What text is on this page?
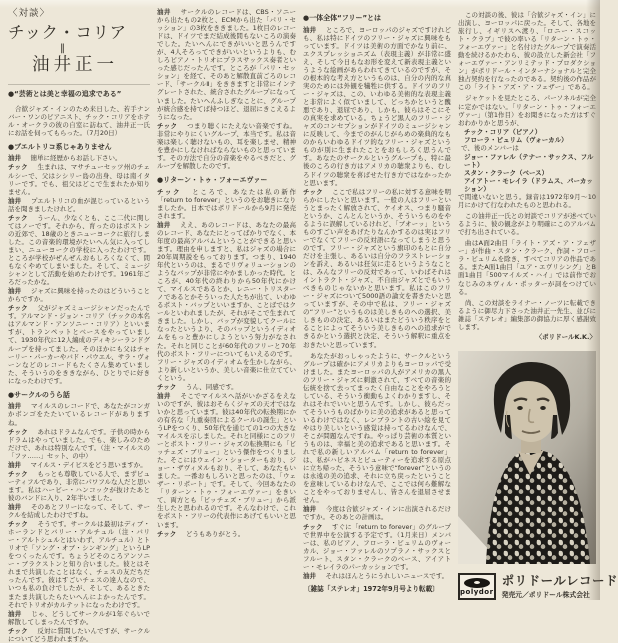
〈対談〉
チック・コリア
‖
油井正一
●“芸術とは美と幸福の追求である”

合歓ジャズ・インのため来日した、若手ナンバー・ワンのピアニスト、チック・コリアをホテル・オークラの彼の自室に訪ねて、油井正一氏にお話を伺ってもらった。（7月20日）

●プエルトリコ系じゃありません

油井　簡単に経歴からお話し下さい。

チック　生まれは、マサチューセッツ州のチェルシーで、父はシシリー島の出身、母は南イタリーです。でも、祖父はどこで生まれたか知りません。

油井　プエルトリコの血が混じっているという話を聞きましたけれど。

チック　うーん、少なくとも、ここ二代に関してはノーです。それから、育ったのはボストンの近郊で、18歳のときニューヨークに旅行しました。この音楽的環境がたいへん気に入ってしまい、ニューヨークの学校に入ったわけです。ところが学校がぜんぜんおもしろくなくて、間もなくやめてしまいました。そして、ミュージシャンとして活動を始めたわけです。1961年ごろだったかな。

油井　ジャズに興味を持ったのはどういうことからですか。

チック　父がジャズミュージシャンだったんです。アルマンド・ジョン・コリア（チックの本名はアルマンド・アンソニー・コリア）といいますが、トランペットとベースをやっていまして、1930年代に12人編成のディキシーランドグループを持ってました。そのほかにも父はチャーリー・パーカーやバド・パウエル、サラ・ヴォーンなどのレコードもたくさん集めていました、そういうのをききながら、ひとりでに好きになったわけです。

●サークルのうら話

油井　マイルスのレコードで、あなたがコンガかボンゴをたたいているレコードがありますね。

チック　あれはドラムなんです。子供の時からドラムはやっていました。でも、楽しみのためだけで、あれは特別なんです。（注・マイルスの「ファ……」セット、の中）

油井　マイルス・デイビスをどう思いますか。

チック　もっとも尊敬している人で、まずビューティフルであり、非常にパワフルな人だと思います。私はハービー・ハンコックが抜けたあと彼のバンドに入り、2年半いました。

油井　そのあとフリーになって、そして、サークルを結成したわけですね。

チック　そうです。サークルは最初はディブ・ホーランドとバリー・アルチュル（注・バリー・アルトシュルとはいわず、アルチュル）とトリオで「ソング・オブ・シンギング」というLPをつくったんです。ちょうどそのころアンソニー・ブラクストンと知り合いました。彼とはそれまで共演したことはなく、チェスの友だちだったんです。彼はすごいチェスの達人なので、いつも私の負けでしたが、そして、あるときたまたま共演したらたいへんによかったんです。それでトリオがカルテットになったわけです。

油井　じゃ、どうしてサークルが1年ぐらいで解散してしまったんですか。

チック　反対に質問したいんですが、サークルについてどう思われますか。

油井　サークルのレコードは、CBS・ソニーから出たもの2枚と、ECMから出た「パリ・セッション」の3枚をききました。1枚目のレコードは、ドイツでまだ結成後間もないころの演奏でした。たいへんにできがいいと思うんですが、4人そろってできがいいというよりも、むしろピアノ・トリオにプラスサックス奏者といった感じだったんです。ところが「パリ・セッション」を経て、そのあと解散直前ごろのレコード、「サークルⅡ」をききますと非常にインテグレートされた、統合されたグループになっていました。たいへんふしぎなことに、グループが統合感を持てば持つほど、退屈にきこえるようになった。

チック　つまり聴くにたえない音楽ですね。非常にやりにくいグループ、本当です。私は音楽は楽しく聴けないもの、耳を楽しませ、精神を豊かにしなければならないものと思っています。その方法で自分の音楽をやるべきだと、グループを解散したのです。

●リターン・トゥ・フォーエヴァー

チック　ところで、あなたは私の新作「return to forever」というのをお聴きになりましたか。日本ではポリドールから9月に発売されます。

油井　ええ、あのレコードは、あなたの最高のレコード、あなたにとってばかりでなく、本年度の最高アルバムということができると思います。理由を申しますと、私はジャズの場合に20年周期説をもっております。つまり、1940年代というのは、まるでリヴォリューションのようなバップが非常にやかましかった時代。ところが、40年代の終わりから50年代にかけて、マイルスであるとか、レニー・トリスターノであるとかそういった人たちが出て、いわゆるポスト・バップといいますか、ことばではクールといわれましたが、それがそこで生まれてきました。しかし、バップが変貌してクールになったというより、そのバップというイディオムをもっと豊かにしようという努力がなされた。それと同じことが60年代のフリーと70年代のポスト・フリーについてもいえるのです。フリー・ジャズのイディオムを生かしながら、より新しいというか、美しい音楽に仕立てていくという。

チック　うん、同感です。

油井　そこでマイルスへ話がいかざるをえないのですが、彼はおそらくジャズの天才ではないかと思っています。彼は40年代の転換期にかの有名な「九重奏団によるクールの誕生」というLPをつくり、50年代を通じての1つの大きなマイルスを示しました。それと同様にこのフリーとポスト・フリー・ジャズの転換期にも「ビッチェズ・ブリュー」という傑作をつくりました。そこにはウェイン・ショーターもおり、ジョー・ザヴィヌルもおり、そして、あなたもいました。一番おもしろいと思ったのは、「ウェザー・リポート」です。そして、今回あなたの「リターン・トゥ・フォーエヴァー」をきいて、両方とも「ビッチェズ・ブリュー」から派生したと思われるのです。そんなわけで、これをポスト・フリーの代表作にあげてもいいと思います。

チック　どうもありがとう。

●一体全体“フリー”とは

油井　ところで、ヨーロッパのジャズですけれども、私は特にドイツのフリー・ジャズに興味をもっています。ドイツは美術の方面でかなり前に、エクスプレッショニズム（表現主義）が非常に盛え、そして今日もなお形を変えて新表現主義というような絵画があらわれてきているのですが、その根本的な考え方というものは、自分の内的な真実のためには外観を犠牲に供する。ドイツのフリー・ジャズは、この、いわゆる美術的な表現主義と非常によく似ていまして、どっちかというと醜悪であり、退屈であり、しかも、彼らはそこにその真実を求めている。ちょうど黒人のフリー・ジャズのコンセプションがドイツのミュージシャンに反映して、今までのがんじがらめの楽典的なものからいわゆるドイツ的なフリー・ジャズというものが別に生まれたことをおもしろく思うんです。あなたのサークルというグループも、特に最後のころの行き方はアメリカの聴衆よりも、むしろドイツの聴衆を喜ばせた行き方ではなかったかと思います。

チック　ここで私はフリーの私に対する意味を明らかにしたいと思います。一般の人はフリーというとまったく解放されて、ケイオス、つまり騒音というか、こんとんというか、そういうものをやるように誤解しているけれど、「ブオーッ」というものすごい声をあげたりなんかするのは実はフリーでなくてフリーの反対語になってしまうと思うのです。フリー・ジャズという旗印のもとに自分だけを主張し、あるいは自分のフラストレーションを訴え、あるいは狂気に走るというようなことは、みんなフリーの反対であって、いわばそれはイントラクト・ジャズ、不自由ジャズとでもいうべきものじゃないかと思います。私はこのフリー・ジャズについて5000語の論文を書きたいと思っていますが、その中で私は、フリー・ジャズの“フリー”というものは美しきものへの選択、美しきものの決定、あるいはまたどういう秩序をとることによってそういう美しきものへの追求ができるかという選択と決定、そういう解釈に重点をおきたいと思っています。

あなたがおっしゃったように、サークルというグループは確かにアメリカよりもヨーロッパで受けました。またヨーロッパの人がアメリカの黒人のフリー・ジャズに刺激されて、すべての音楽的伝統を捨て去ってまったく自由なことをやろうとしている、そういう衝動もよくわかりますし、それはそれでいいと思うんです。しかし、彼らだってそういうものばかりに美の追求があると思っているわけではなく、レンブラントの古い絵を見てやはり美しいという感覚は持ってるわけなんで、そこが問題なんですね。やっぱり芸術の本質というものは、幸福と美の追求であると思います。それで私の新しいアルバム「return to forever」は、私がハピネスとビューティーを追求する原点に立ち帰った、そういう意味で“forever”というのは永遠の美の追求、それに立ち戻ったということを意味しているわけなんで、ここでは何ら難解なことをやっておりませんし、皆さんを退屈させません。

油井　今度は合歓ジャズ・インに出演されるだけですか。そのあとの計画は。

チック　すぐに「return to forever」のグループで世界中を公演する予定です。（1月来日）メンバーは、私のピアノ、フローラ・ピュリムのヴォーカル、ジョー・ファレルのソプラノ・サックスとフルート、スタン・クラークのベース、アイアトー・モレイラのパーカッションです。

油井　それはほんとうにうれしいニュースです。

この対談の後、彼は「合歓ジャズ・イン」に出演し、ヨーロッパに戻った。そして、各地を旅行し、イギリスへ渡り、「ロニー・スコット・クラブ」で彼の率いる「リターン・トゥ・フォーエヴァー」と名付けたグループで演奏活動を続けるかたわら、彼の設立した新会社「フォーエヴァー・アンリミテッド・プロダクション」がポリドール・インターナショナルと完全独占契約を行なったのである。契約後の作品がこの「ライト・アズ・ア・フェザー」である。

ジャケットを見たところ、パーソネルが完全に定かではない。「リターン・トゥ・フォーエヴァー」（第1作目）をお聞きになった方はすぐおわかりかと思うが、

チック・コリア（ピアノ）

フローラ・ピュリム（ヴォーカル）

で、後のメンバーは

ジョー・ファレル（テナー・サックス、フルート）

スタン・クラーク（ベース）

アイアトー・モレイラ（ドラムス、パーカッション）

で間違いないと思う。録音は1972年9月〜10月にかけて行なわれたものと思われる。

この油井正一氏との対談でコリアが述べているように、彼の観念がより明確にこのアルバムで打ち出されている。

曲はA面2曲目「ライト・アズ・ア・フェザー」が作曲・スタン・クラーク、作詞・フローラ・ピュリムを除き、すべてコリアの作品である。またA面1曲目「ユア・エヴリシング」とB面1曲目「500マイルズ・ハイ」では前作でおなじみのネヴィル・ポッターが詞をつけている。

尚、この対談をライナー・ノーツに転載できるように御尽力下さった油井正一先生、並びに雑誌「ステレオ」編集部の御協力に厚く感謝致します。

〈ポリドールK.K.〉

polydor
ポリドールレコード
発売元／ポリドール株式会社
〔雑誌「ステレオ」1972年9月号より転載〕
